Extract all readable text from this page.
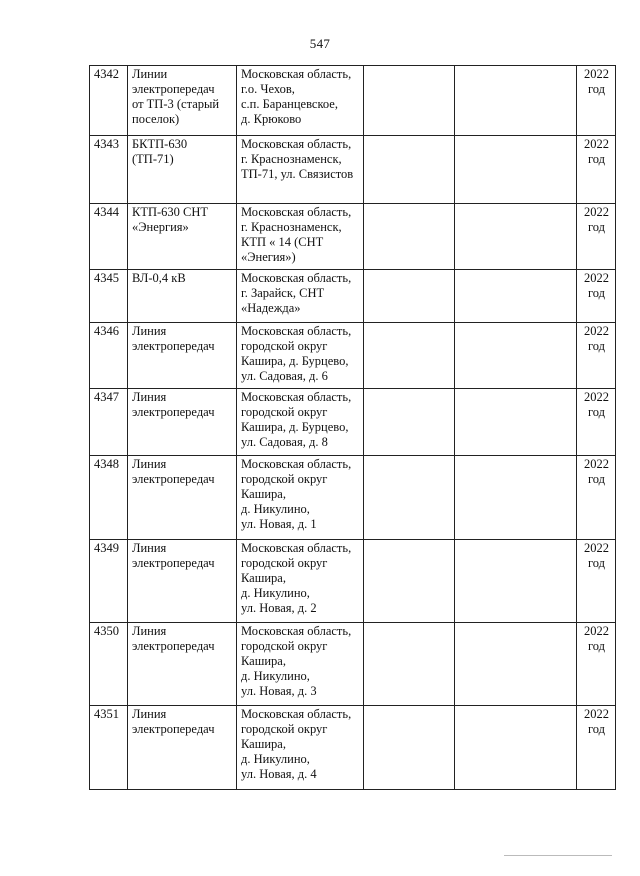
547
4342	Линии
электропередач
от ТП-3 (старый
поселок)	Московская область,
г.о. Чехов,
с.п. Баранцевское,
д. Крюково			2022
год
4343	БКТП-630
(ТП-71)	Московская область,
г. Краснознаменск,
ТП-71, ул. Связистов			2022
год
4344	КТП-630 СНТ
«Энергия»	Московская область,
г. Краснознаменск,
КТП « 14 (СНТ
«Энегия»)			2022
год
4345	ВЛ-0,4 кВ	Московская область,
г. Зарайск, СНТ
«Надежда»			2022
год
4346	Линия
электропередач	Московская область,
городской округ
Кашира, д. Бурцево,
ул. Садовая, д. 6			2022
год
4347	Линия
электропередач	Московская область,
городской округ
Кашира, д. Бурцево,
ул. Садовая, д. 8			2022
год
4348	Линия
электропередач	Московская область,
городской округ
Кашира,
д. Никулино,
ул. Новая, д. 1			2022
год
4349	Линия
электропередач	Московская область,
городской округ
Кашира,
д. Никулино,
ул. Новая, д. 2			2022
год
4350	Линия
электропередач	Московская область,
городской округ
Кашира,
д. Никулино,
ул. Новая, д. 3			2022
год
4351	Линия
электропередач	Московская область,
городской округ
Кашира,
д. Никулино,
ул. Новая, д. 4			2022
год
